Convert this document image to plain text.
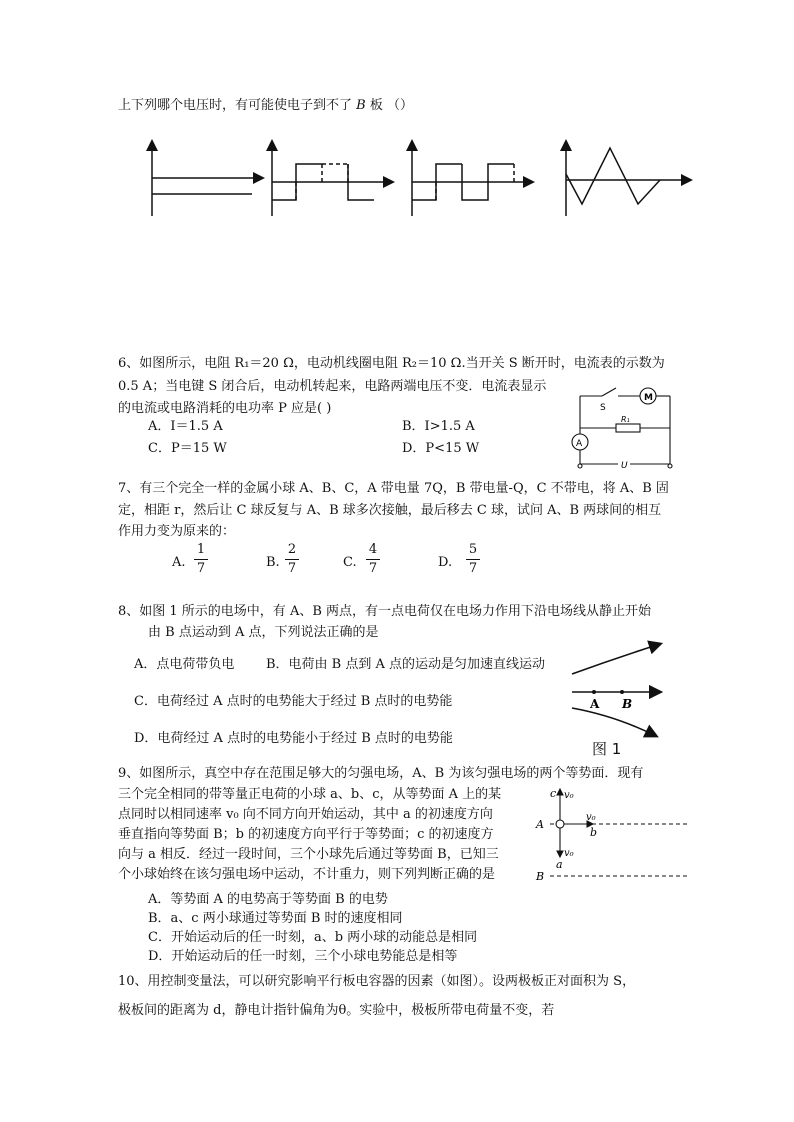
上下列哪个电压时，有可能使电子到不了 B 板 （）
6、如图所示，电阻 R₁＝20 Ω，电动机线圈电阻 R₂＝10 Ω.当开关 S 断开时，电流表的示数为
0.5 A；当电键 S 闭合后，电动机转起来，电路两端电压不变．电流表显示
的电流或电路消耗的电功率 P 应是( )
A．I＝1.5 A	B．I>1.5 A
C．P＝15 W	D．P<15 W
S
M
R₁
A
U
7、有三个完全一样的金属小球 A、B、C，A 带电量 7Q，B 带电量-Q，C 不带电，将 A、B 固
定，相距 r，然后让 C 球反复与 A、B 球多次接触，最后移去 C 球，试问 A、B 两球间的相互
作用力变为原来的：
A.
1
7	B.
2
7	C.
4
7	D.
5
7
8、如图 1 所示的电场中，有 A、B 两点，有一点电荷仅在电场力作用下沿电场线从静止开始
由 B 点运动到 A 点，下列说法正确的是
A．点电荷带负电 B．电荷由 B 点到 A 点的运动是匀加速直线运动
C．电荷经过 A 点时的电势能大于经过 B 点时的电势能
D．电荷经过 A 点时的电势能小于经过 B 点时的电势能
A B
图 1
9、如图所示，真空中存在范围足够大的匀强电场，A、B 为该匀强电场的两个等势面．现有
三个完全相同的带等量正电荷的小球 a、b、c，从等势面 A 上的某
点同时以相同速率 v₀ 向不同方向开始运动，其中 a 的初速度方向
垂直指向等势面 B；b 的初速度方向平行于等势面；c 的初速度方
向与 a 相反．经过一段时间，三个小球先后通过等势面 B，已知三
个小球始终在该匀强电场中运动，不计重力，则下列判断正确的是
A．等势面 A 的电势高于等势面 B 的电势
B．a、c 两小球通过等势面 B 时的速度相同
C．开始运动后的任一时刻，a、b 两小球的动能总是相同
D．开始运动后的任一时刻，三个小球电势能总是相等
c v₀
v₀
b
A
v₀
a
B
10、用控制变量法，可以研究影响平行板电容器的因素（如图）。设两极板正对面积为 S，
极板间的距离为 d，静电计指针偏角为θ。实验中，极板所带电荷量不变，若
